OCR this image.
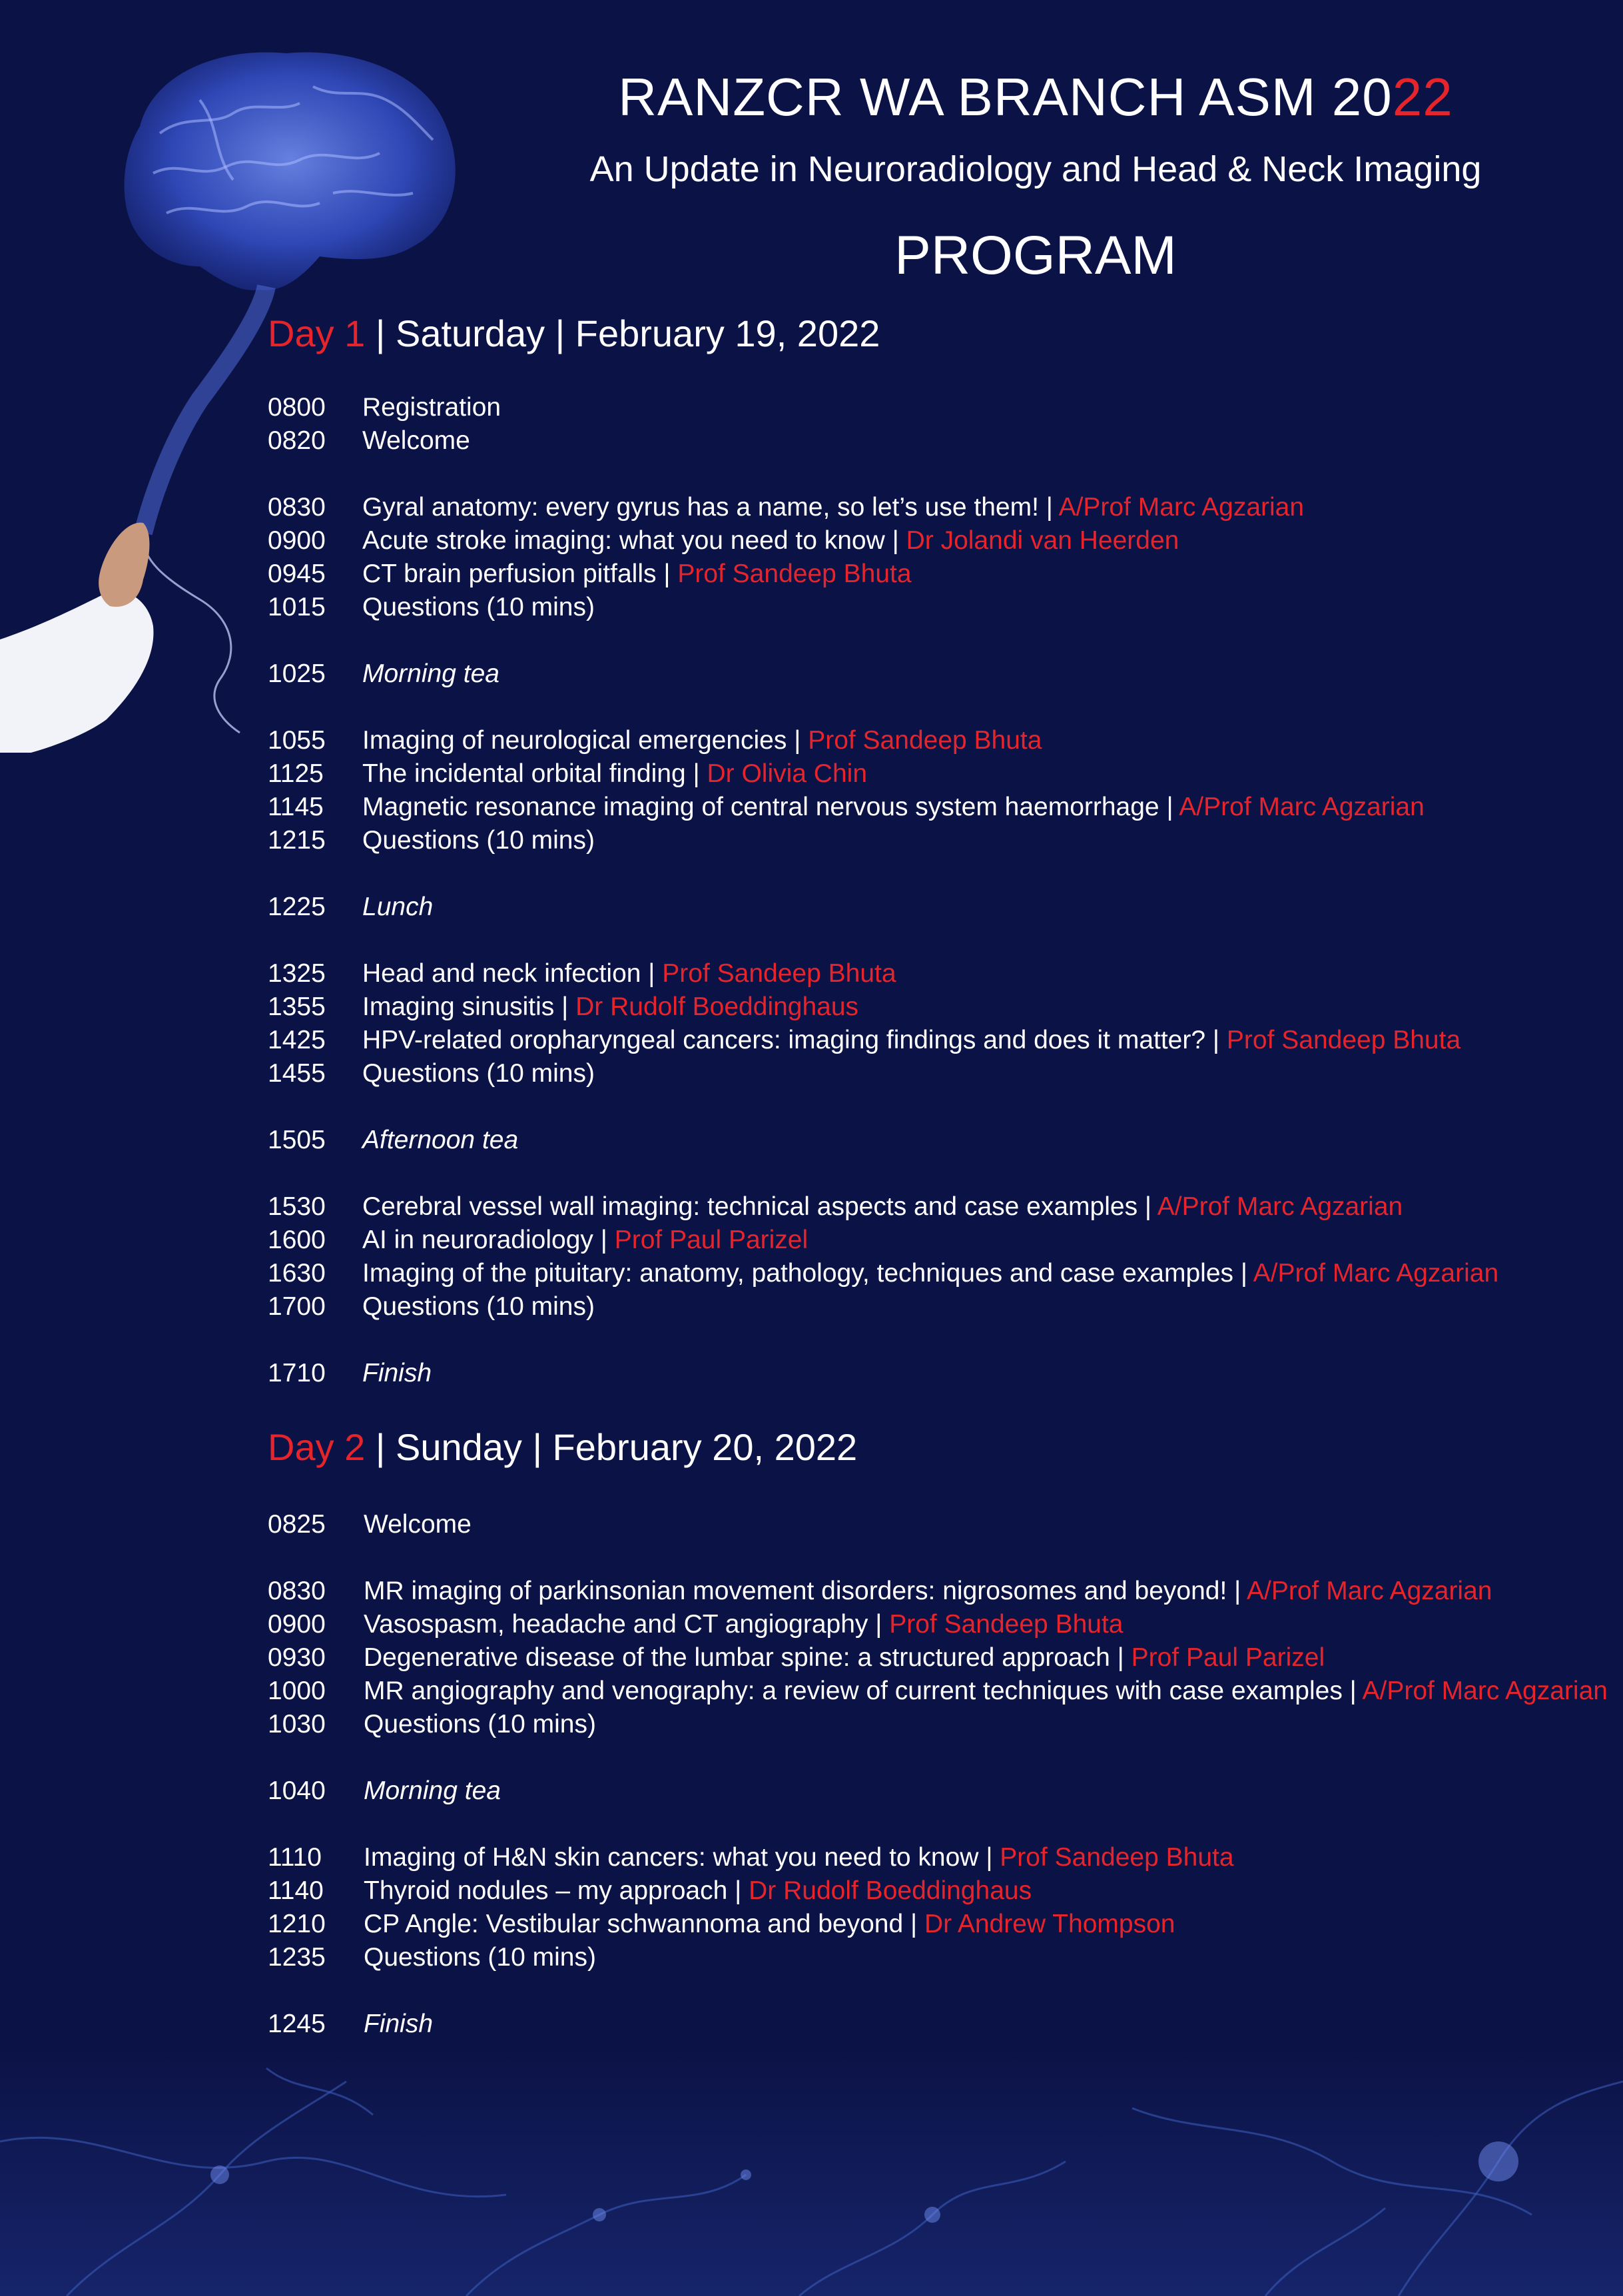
RANZCR WA BRANCH ASM 2022
An Update in Neuroradiology and Head & Neck Imaging
PROGRAM
Day 1 | Saturday | February 19, 2022
0800	Registration
0820	Welcome
0830	Gyral anatomy: every gyrus has a name, so let’s use them! | A/Prof Marc Agzarian
0900	Acute stroke imaging: what you need to know | Dr Jolandi van Heerden
0945	CT brain perfusion pitfalls | Prof Sandeep Bhuta
1015	Questions (10 mins)
1025	Morning tea
1055	Imaging of neurological emergencies | Prof Sandeep Bhuta
1125	The incidental orbital finding | Dr Olivia Chin
1145	Magnetic resonance imaging of central nervous system haemorrhage | A/Prof Marc Agzarian
1215	Questions (10 mins)
1225	Lunch
1325	Head and neck infection | Prof Sandeep Bhuta
1355	Imaging sinusitis | Dr Rudolf Boeddinghaus
1425	HPV-related oropharyngeal cancers: imaging findings and does it matter? | Prof Sandeep Bhuta
1455	Questions (10 mins)
1505	Afternoon tea
1530	Cerebral vessel wall imaging: technical aspects and case examples | A/Prof Marc Agzarian
1600	AI in neuroradiology | Prof Paul Parizel
1630	Imaging of the pituitary: anatomy, pathology, techniques and case examples | A/Prof Marc Agzarian
1700	Questions (10 mins)
1710	Finish
Day 2 | Sunday | February 20, 2022
0825	Welcome
0830	MR imaging of parkinsonian movement disorders: nigrosomes and beyond! | A/Prof Marc Agzarian
0900	Vasospasm, headache and CT angiography | Prof Sandeep Bhuta
0930	Degenerative disease of the lumbar spine: a structured approach | Prof Paul Parizel
1000	MR angiography and venography: a review of current techniques with case examples | A/Prof Marc Agzarian
1030	Questions (10 mins)
1040	Morning tea
1110	Imaging of H&N skin cancers: what you need to know | Prof Sandeep Bhuta
1140	Thyroid nodules – my approach | Dr Rudolf Boeddinghaus
1210	CP Angle: Vestibular schwannoma and beyond | Dr Andrew Thompson
1235	Questions (10 mins)
1245	Finish
